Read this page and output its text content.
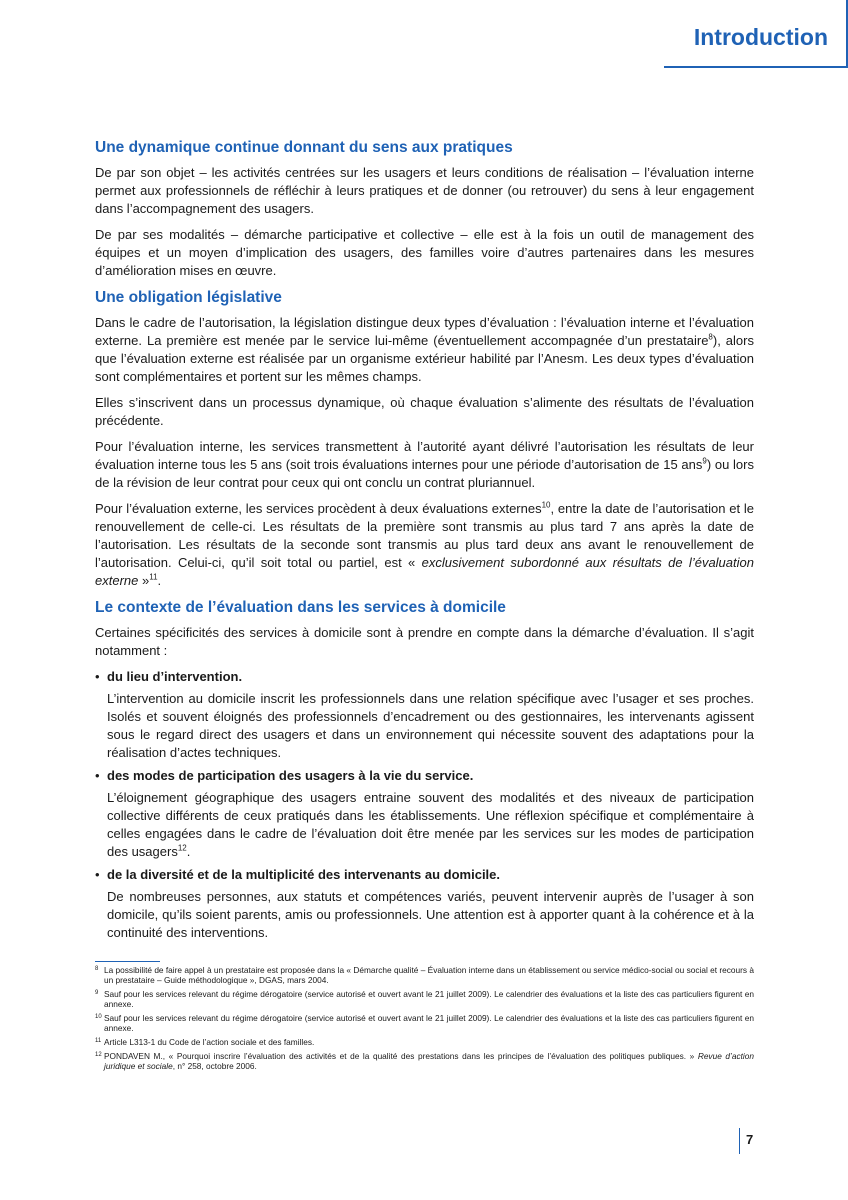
Introduction
Une dynamique continue donnant du sens aux pratiques

De par son objet – les activités centrées sur les usagers et leurs conditions de réalisation – l’évaluation interne permet aux professionnels de réfléchir à leurs pratiques et de donner (ou retrouver) du sens à leur engagement dans l’accompagnement des usagers.

De par ses modalités – démarche participative et collective – elle est à la fois un outil de management des équipes et un moyen d’implication des usagers, des familles voire d’autres partenaires dans les mesures d’amélioration mises en œuvre.

Une obligation législative

Dans le cadre de l’autorisation, la législation distingue deux types d’évaluation : l’évaluation interne et l’évaluation externe. La première est menée par le service lui-même (éventuellement accompagnée d’un prestataire$^8$), alors que l’évaluation externe est réalisée par un organisme extérieur habilité par l’Anesm. Les deux types d’évaluation sont complémentaires et portent sur les mêmes champs.

Elles s’inscrivent dans un processus dynamique, où chaque évaluation s’alimente des résultats de l’évaluation précédente.

Pour l’évaluation interne, les services transmettent à l’autorité ayant délivré l’autorisation les résultats de leur évaluation interne tous les 5 ans (soit trois évaluations internes pour une période d’autorisation de 15 ans$^9$) ou lors de la révision de leur contrat pour ceux qui ont conclu un contrat pluriannuel.

Pour l’évaluation externe, les services procèdent à deux évaluations externes$^{10}$, entre la date de l’autorisation et le renouvellement de celle-ci. Les résultats de la première sont transmis au plus tard 7 ans après la date de l’autorisation. Les résultats de la seconde sont transmis au plus tard deux ans avant le renouvellement de l’autorisation. Celui-ci, qu’il soit total ou partiel, est « exclusivement subordonné aux résultats de l’évaluation externe »$^{11}$.

Le contexte de l’évaluation dans les services à domicile

Certaines spécificités des services à domicile sont à prendre en compte dans la démarche d’évaluation. Il s’agit notamment :

• du lieu d’intervention.

L’intervention au domicile inscrit les professionnels dans une relation spécifique avec l’usager et ses proches. Isolés et souvent éloignés des professionnels d’encadrement ou des gestionnaires, les intervenants agissent sous le regard direct des usagers et dans un environnement qui nécessite souvent des adaptations pour la réalisation d’actes techniques.

• des modes de participation des usagers à la vie du service.

L’éloignement géographique des usagers entraine souvent des modalités et des niveaux de participation collective différents de ceux pratiqués dans les établissements. Une réflexion spécifique et complémentaire à celles engagées dans le cadre de l’évaluation doit être menée par les services sur les modes de participation des usagers$^{12}$.

• de la diversité et de la multiplicité des intervenants au domicile.

De nombreuses personnes, aux statuts et compétences variés, peuvent intervenir auprès de l’usager à son domicile, qu’ils soient parents, amis ou professionnels. Une attention est à apporter quant à la cohérence et à la continuité des interventions.

8 La possibilité de faire appel à un prestataire est proposée dans la « Démarche qualité – Évaluation interne dans un établissement ou service médico-social ou social et recours à un prestataire – Guide méthodologique », DGAS, mars 2004.
9 Sauf pour les services relevant du régime dérogatoire (service autorisé et ouvert avant le 21 juillet 2009). Le calendrier des évaluations et la liste des cas particuliers figurent en annexe.
10 Sauf pour les services relevant du régime dérogatoire (service autorisé et ouvert avant le 21 juillet 2009). Le calendrier des évaluations et la liste des cas particuliers figurent en annexe.
11 Article L313-1 du Code de l’action sociale et des familles.
12 PONDAVEN M., « Pourquoi inscrire l’évaluation des activités et de la qualité des prestations dans les principes de l’évaluation des politiques publiques. » Revue d’action juridique et sociale, n° 258, octobre 2006.
7
